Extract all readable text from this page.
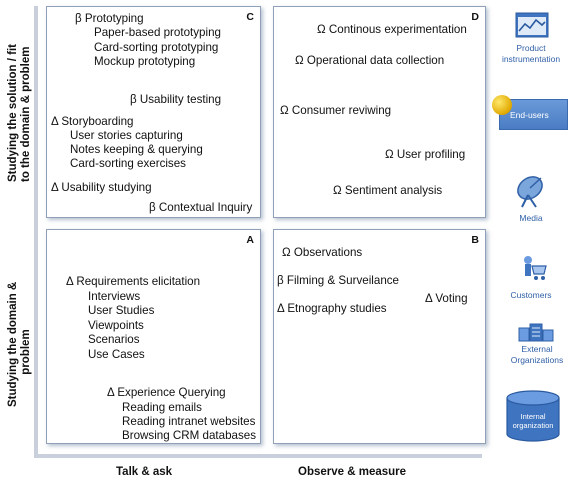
Studying the solution / fit to the domain & problem
Studying the domain & problem
Talk & ask	Observe & measure
C
β Prototyping
Paper-based prototyping
Card-sorting prototyping
Mockup prototyping
β Usability testing
Δ Storyboarding
User stories capturing
Notes keeping & querying
Card-sorting exercises
Δ Usability studying
β Contextual Inquiry
D
Ω Continous experimentation
Ω Operational data collection
Ω Consumer reviwing
Ω User profiling
Ω Sentiment analysis
A
Δ Requirements elicitation
Interviews
User Studies
Viewpoints
Scenarios
Use Cases
Δ Experience Querying
Reading emails
Reading intranet websites
Browsing CRM databases
B
Ω Observations
β Filming & Surveilance
Δ Voting
Δ Etnography studies
Product
instrumentation
End-users
Media
Customers
External
Organizations
Internal
organization
